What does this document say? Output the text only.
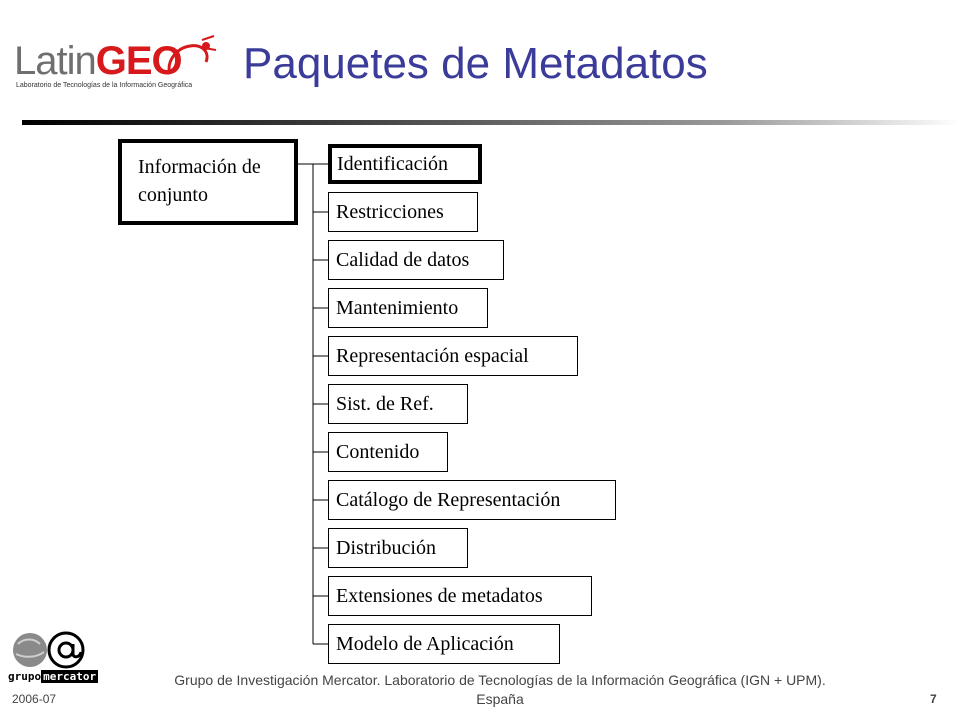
LatinGEO
Laboratorio de Tecnologías de la Información Geográfica Paquetes de Metadatos
Información de
conjunto
Identificación
Restricciones
Calidad de datos
Mantenimiento
Representación espacial
Sist. de Ref.
Contenido
Catálogo de Representación
Distribución
Extensiones de metadatos
Modelo de Aplicación
grupo mercator	Grupo de Investigación Mercator. Laboratorio de Tecnologías de la Información Geográfica (IGN + UPM).
España
2006-07	7
